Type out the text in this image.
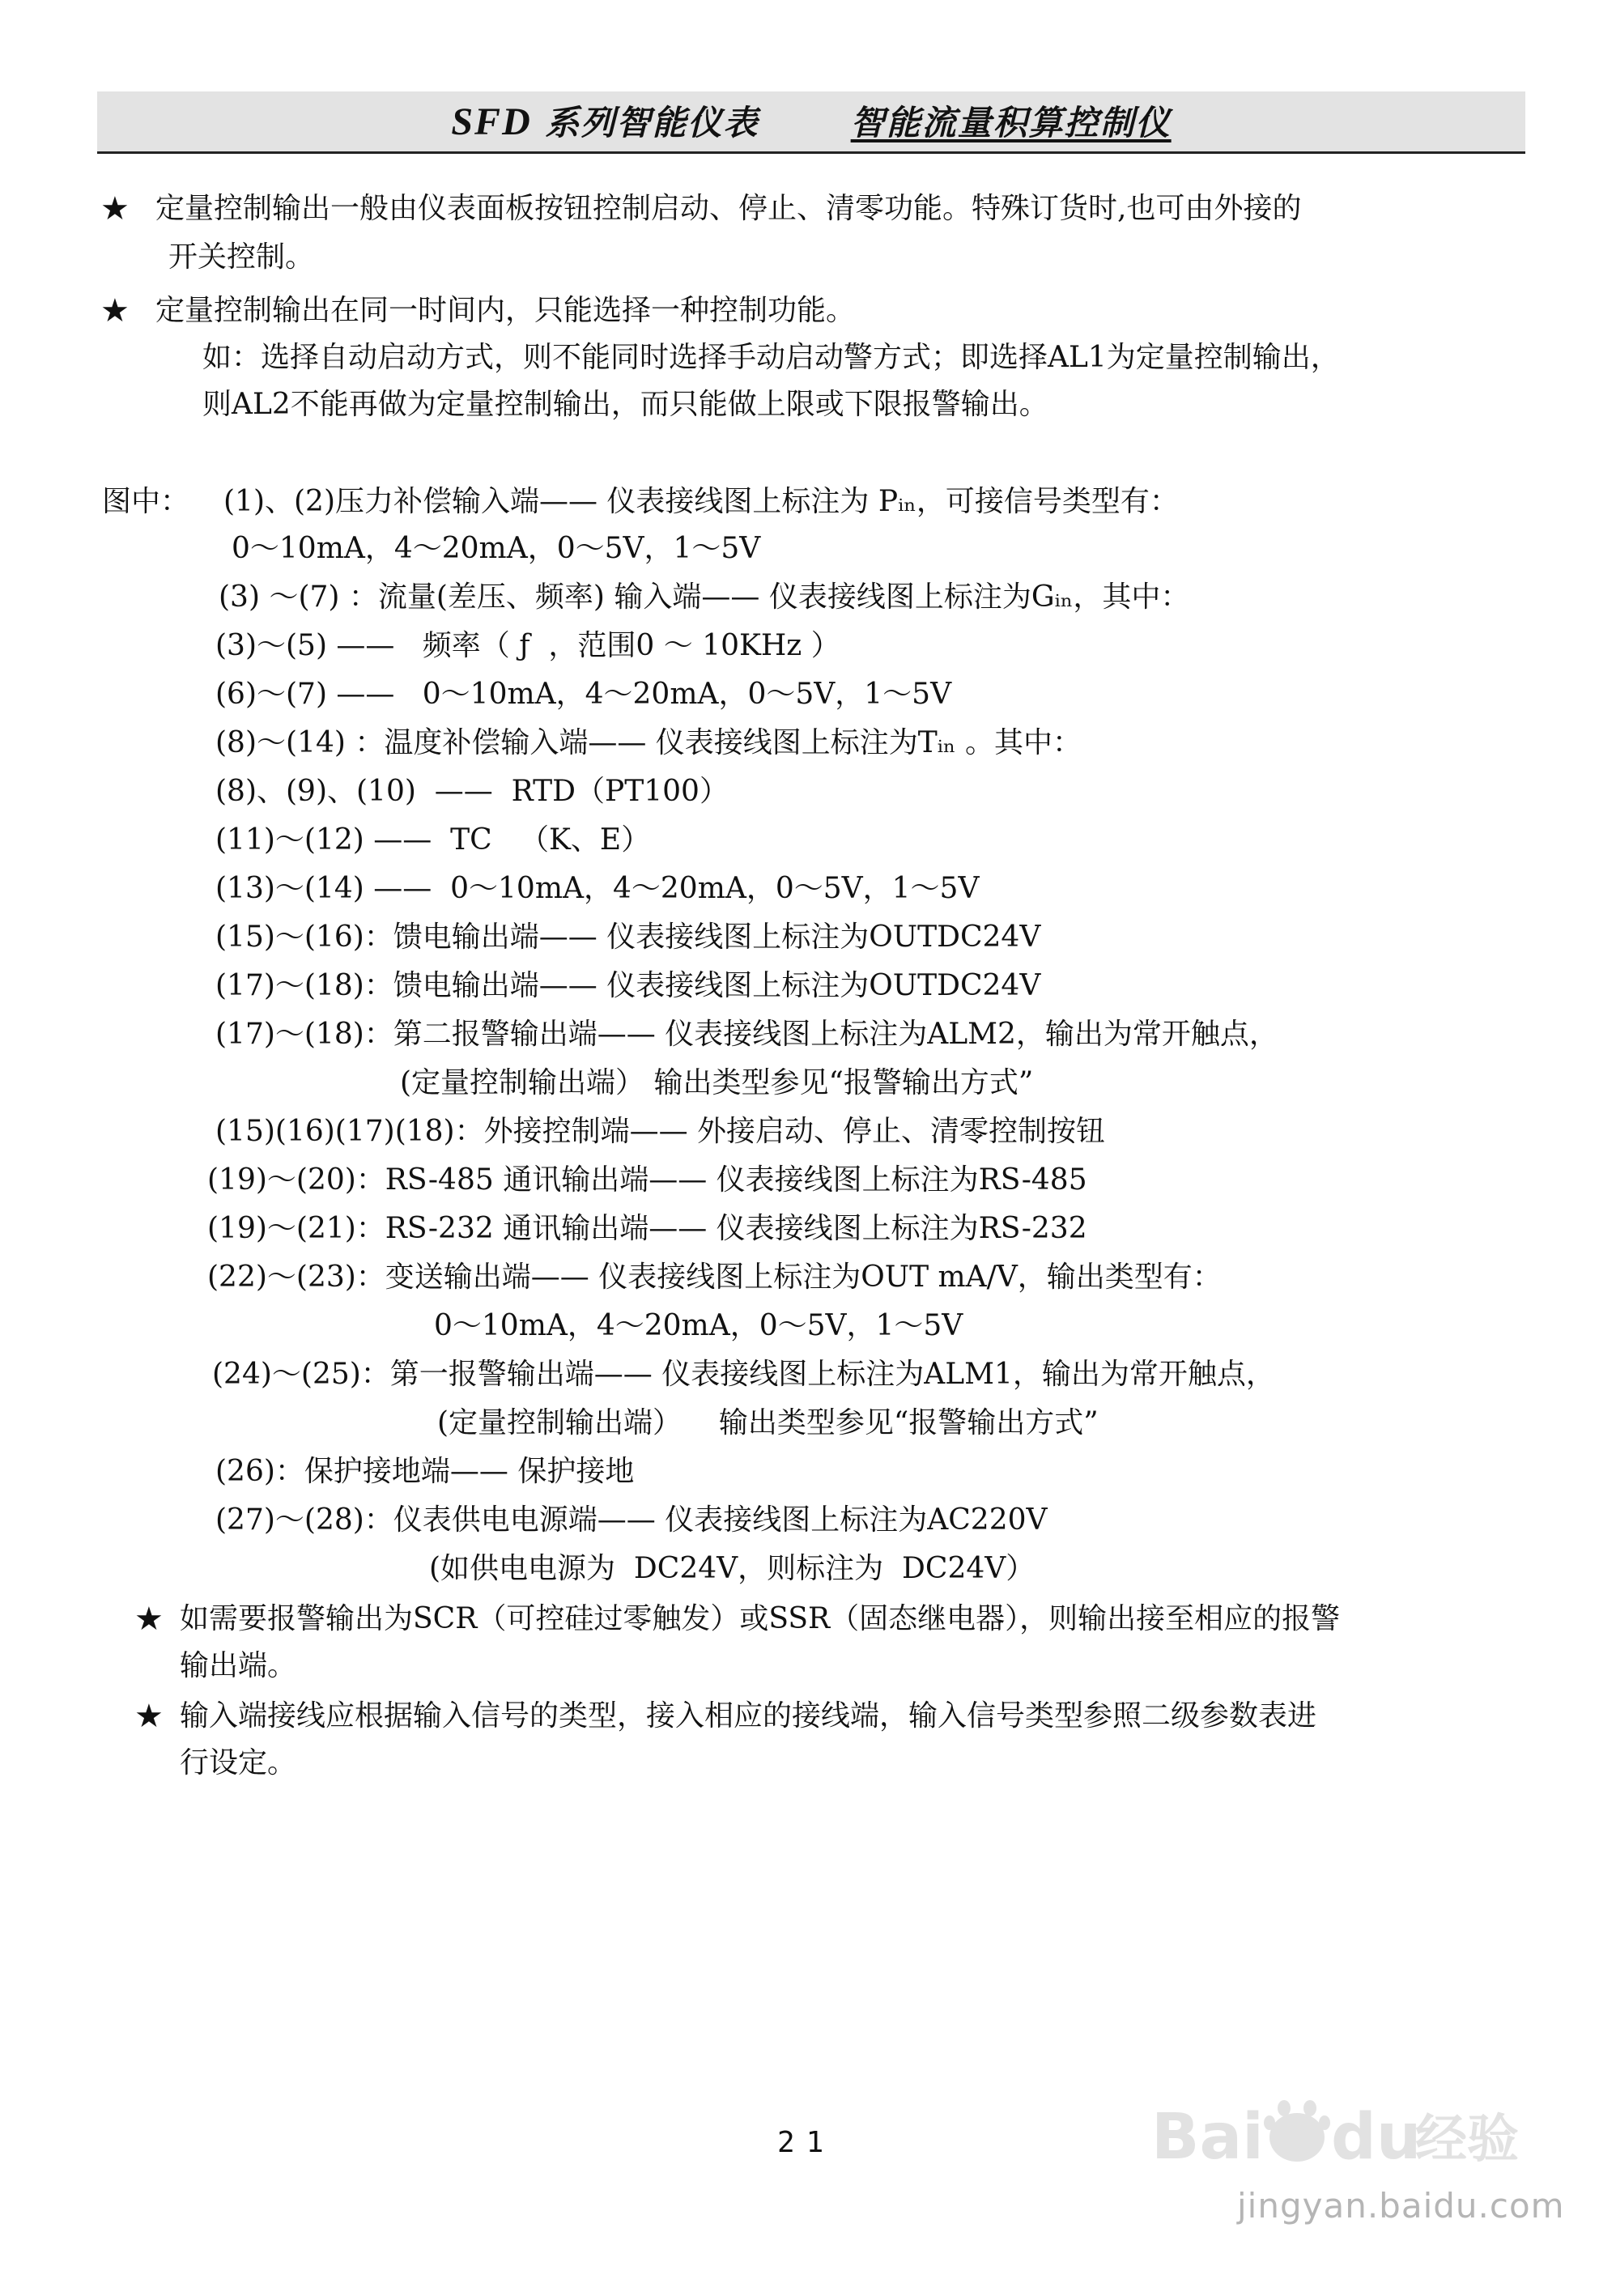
SFD 系列智能仪表	智能流量积算控制仪
★ 定量控制输出一般由仪表面板按钮控制启动、停止、清零功能。特殊订货时,也可由外接的

开关控制。

★ 定量控制输出在同一时间内，只能选择一种控制功能。

如：选择自动启动方式，则不能同时选择手动启动警方式；即选择AL1为定量控制输出，

则AL2不能再做为定量控制输出，而只能做上限或下限报警输出。

图中： (1)、(2)压力补偿输入端—— 仪表接线图上标注为 Pᵢₙ，可接信号类型有：

0～10mA，4～20mA，0～5V，1～5V

(3) ～(7) ：流量(差压、频率) 输入端—— 仪表接线图上标注为Gᵢₙ，其中：

(3)～(5) ——   频率（ ƒ  ，范围0 ～ 10KHz ）

(6)～(7) ——   0～10mA，4～20mA，0～5V，1～5V

(8)～(14) ：温度补偿输入端—— 仪表接线图上标注为Tᵢₙ 。其中：

(8)、(9)、(10)  ——  RTD（PT100）

(11)～(12) ——  TC   （K、E）

(13)～(14) ——  0～10mA，4～20mA，0～5V，1～5V

(15)～(16)：馈电输出端—— 仪表接线图上标注为OUTDC24V

(17)～(18)：馈电输出端—— 仪表接线图上标注为OUTDC24V

(17)～(18)：第二报警输出端—— 仪表接线图上标注为ALM2，输出为常开触点，

(定量控制输出端） 输出类型参见“报警输出方式”

(15)(16)(17)(18)：外接控制端—— 外接启动、停止、清零控制按钮

(19)～(20)：RS-485 通讯输出端—— 仪表接线图上标注为RS-485

(19)～(21)：RS-232 通讯输出端—— 仪表接线图上标注为RS-232

(22)～(23)：变送输出端—— 仪表接线图上标注为OUT mA/V，输出类型有：

0～10mA，4～20mA，0～5V，1～5V

(24)～(25)：第一报警输出端—— 仪表接线图上标注为ALM1，输出为常开触点，

(定量控制输出端）    输出类型参见“报警输出方式”

(26)：保护接地端—— 保护接地

(27)～(28)：仪表供电电源端—— 仪表接线图上标注为AC220V

(如供电电源为  DC24V，则标注为  DC24V）

★ 如需要报警输出为SCR（可控硅过零触发）或SSR（固态继电器），则输出接至相应的报警

输出端。

★ 输入端接线应根据输入信号的类型，接入相应的接线端，输入信号类型参照二级参数表进

行设定。

21	Bai du
经验
jingyan.baidu.com
